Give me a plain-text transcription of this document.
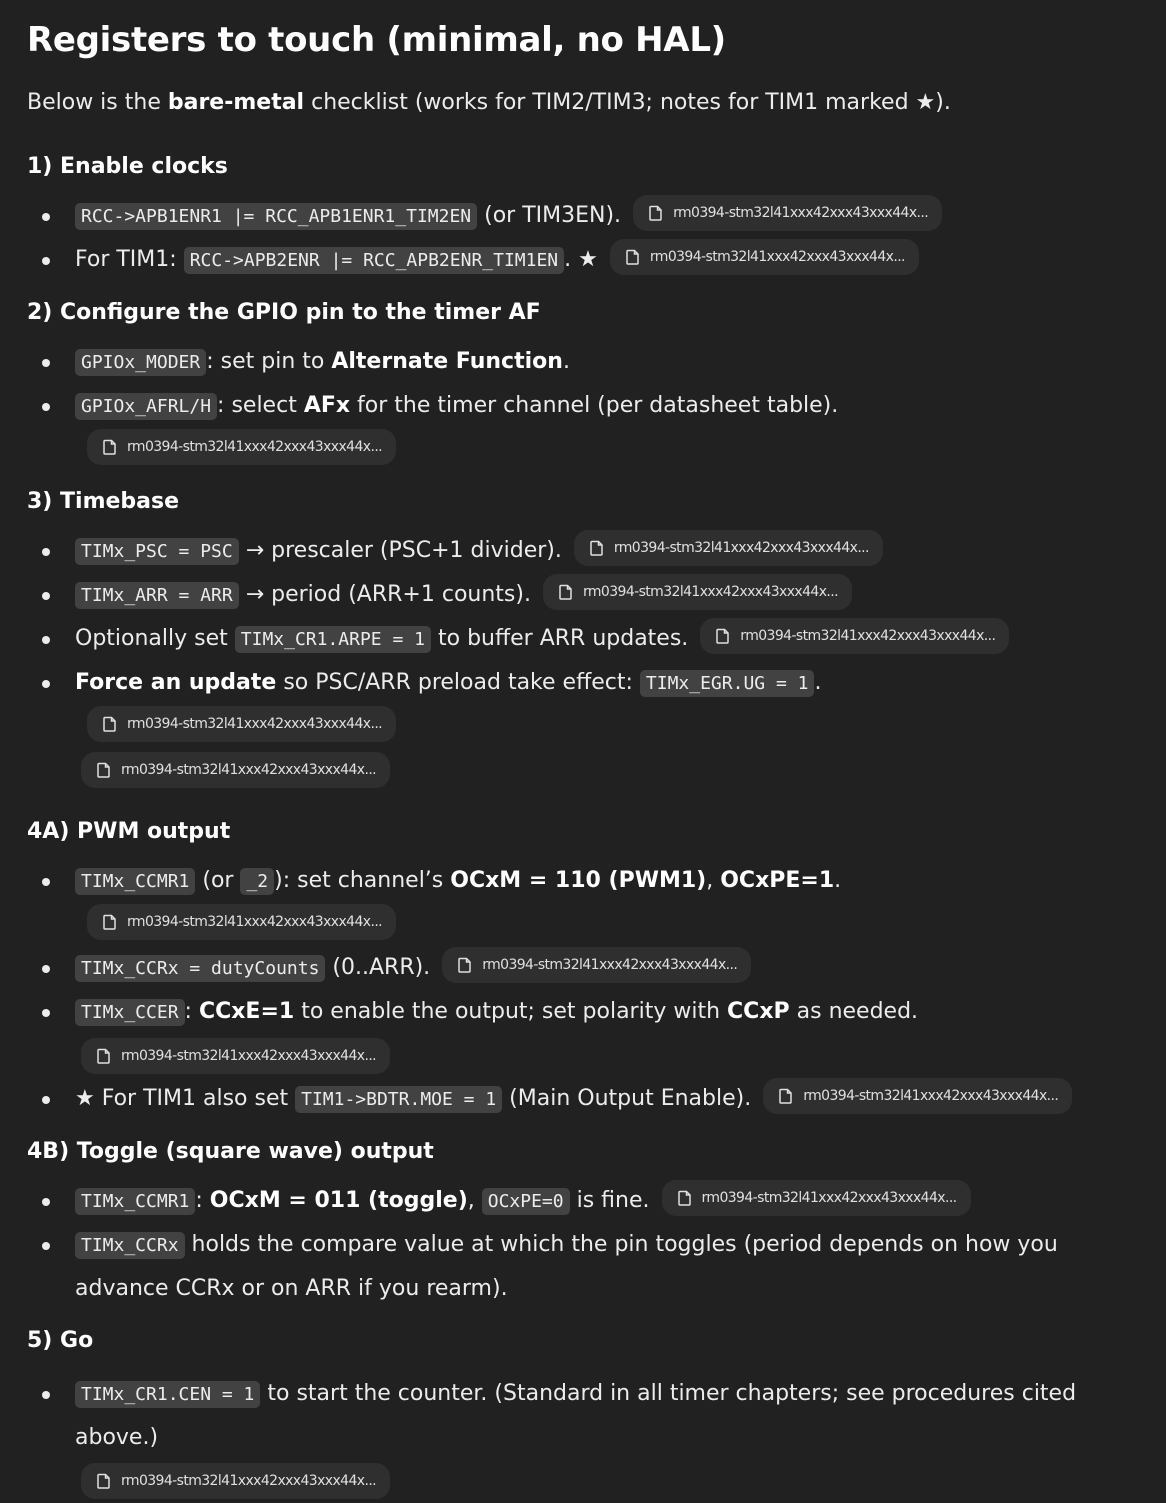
Registers to touch (minimal, no HAL)

Below is the bare-metal checklist (works for TIM2/TIM3; notes for TIM1 marked ★).

1) Enable clocks
RCC->APB1ENR1 |= RCC_APB1ENR1_TIM2EN (or TIM3EN).	rm0394-stm32l41xxx42xxx43xxx44x...
For TIM1: RCC->APB2ENR |= RCC_APB2ENR_TIM1EN . ★	rm0394-stm32l41xxx42xxx43xxx44x...
2) Configure the GPIO pin to the timer AF
GPIOx_MODER : set pin to Alternate Function.
GPIOx_AFRL/H : select AFx for the timer channel (per datasheet table).
rm0394-stm32l41xxx42xxx43xxx44x...
3) Timebase
TIMx_PSC = PSC → prescaler (PSC+1 divider).	rm0394-stm32l41xxx42xxx43xxx44x...
TIMx_ARR = ARR → period (ARR+1 counts).	rm0394-stm32l41xxx42xxx43xxx44x...
Optionally set TIMx_CR1.ARPE = 1 to buffer ARR updates.	rm0394-stm32l41xxx42xxx43xxx44x...
Force an update so PSC/ARR preload take effect: TIMx_EGR.UG = 1 .
rm0394-stm32l41xxx42xxx43xxx44x...

rm0394-stm32l41xxx42xxx43xxx44x...
4A) PWM output
TIMx_CCMR1 (or _2 ): set channel’s OCxM = 110 (PWM1), OCxPE=1.
rm0394-stm32l41xxx42xxx43xxx44x...
TIMx_CCRx = dutyCounts (0..ARR).	rm0394-stm32l41xxx42xxx43xxx44x...
TIMx_CCER : CCxE=1 to enable the output; set polarity with CCxP as needed.

rm0394-stm32l41xxx42xxx43xxx44x...
★ For TIM1 also set TIM1->BDTR.MOE = 1 (Main Output Enable).	rm0394-stm32l41xxx42xxx43xxx44x...
4B) Toggle (square wave) output
TIMx_CCMR1 : OCxM = 011 (toggle), OCxPE=0 is fine.	rm0394-stm32l41xxx42xxx43xxx44x...
TIMx_CCRx holds the compare value at which the pin toggles (period depends on how you advance CCRx or on ARR if you rearm).
5) Go
TIMx_CR1.CEN = 1 to start the counter. (Standard in all timer chapters; see procedures cited above.)

rm0394-stm32l41xxx42xxx43xxx44x...
